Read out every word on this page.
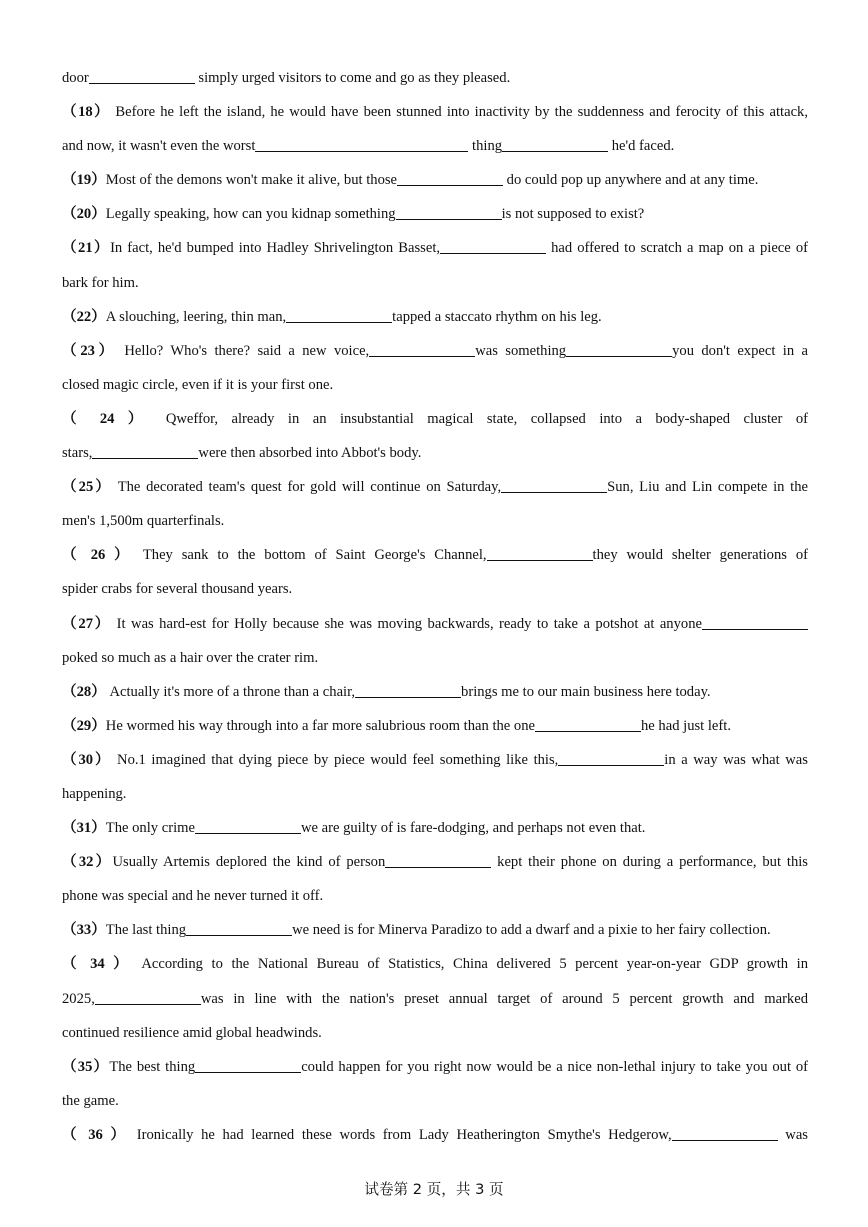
door	simply urged visitors to come and go as they pleased.
（18） Before he left the island, he would have been stunned into inactivity by the suddenness and ferocity of this attack,
and now, it wasn't even the worst	thing	he'd faced.
（19）Most of the demons won't make it alive, but those	do could pop up anywhere and at any time.
（20）Legally speaking, how can you kidnap something	is not supposed to exist?
（21）In fact, he'd bumped into Hadley Shrivelington Basset,	had offered to scratch a map on a piece of
bark for him.
（22）A slouching, leering, thin man,	tapped a staccato rhythm on his leg.
（23） Hello? Who's there? said a new voice,	was something	you don't expect in a
closed magic circle, even if it is your first one.
（ 24 ） Qweffor, already in an insubstantial magical state, collapsed into a body-shaped cluster of
stars,	were then absorbed into Abbot's body.
（25） The decorated team's quest for gold will continue on Saturday,	Sun, Liu and Lin compete in the
men's 1,500m quarterfinals.
（ 26 ） They sank to the bottom of Saint George's Channel,	they would shelter generations of
spider crabs for several thousand years.
（27） It was hard-est for Holly because she was moving backwards, ready to take a potshot at anyone
poked so much as a hair over the crater rim.
（28） Actually it's more of a throne than a chair,	brings me to our main business here today.
（29）He wormed his way through into a far more salubrious room than the one	he had just left.
（30） No.1 imagined that dying piece by piece would feel something like this,	in a way was what was
happening.
（31）The only crime	we are guilty of is fare-dodging, and perhaps not even that.
（32）Usually Artemis deplored the kind of person	kept their phone on during a performance, but this
phone was special and he never turned it off.
（33）The last thing	we need is for Minerva Paradizo to add a dwarf and a pixie to her fairy collection.
（ 34 ） According to the National Bureau of Statistics, China delivered 5 percent year-on-year GDP growth in
2025,	was in line with the nation's preset annual target of around 5 percent growth and marked
continued resilience amid global headwinds.
（35）The best thing	could happen for you right now would be a nice non-lethal injury to take you out of
the game.
（ 36 ） Ironically he had learned these words from Lady Heatherington Smythe's Hedgerow,	was
试卷第 2 页，共 3 页
